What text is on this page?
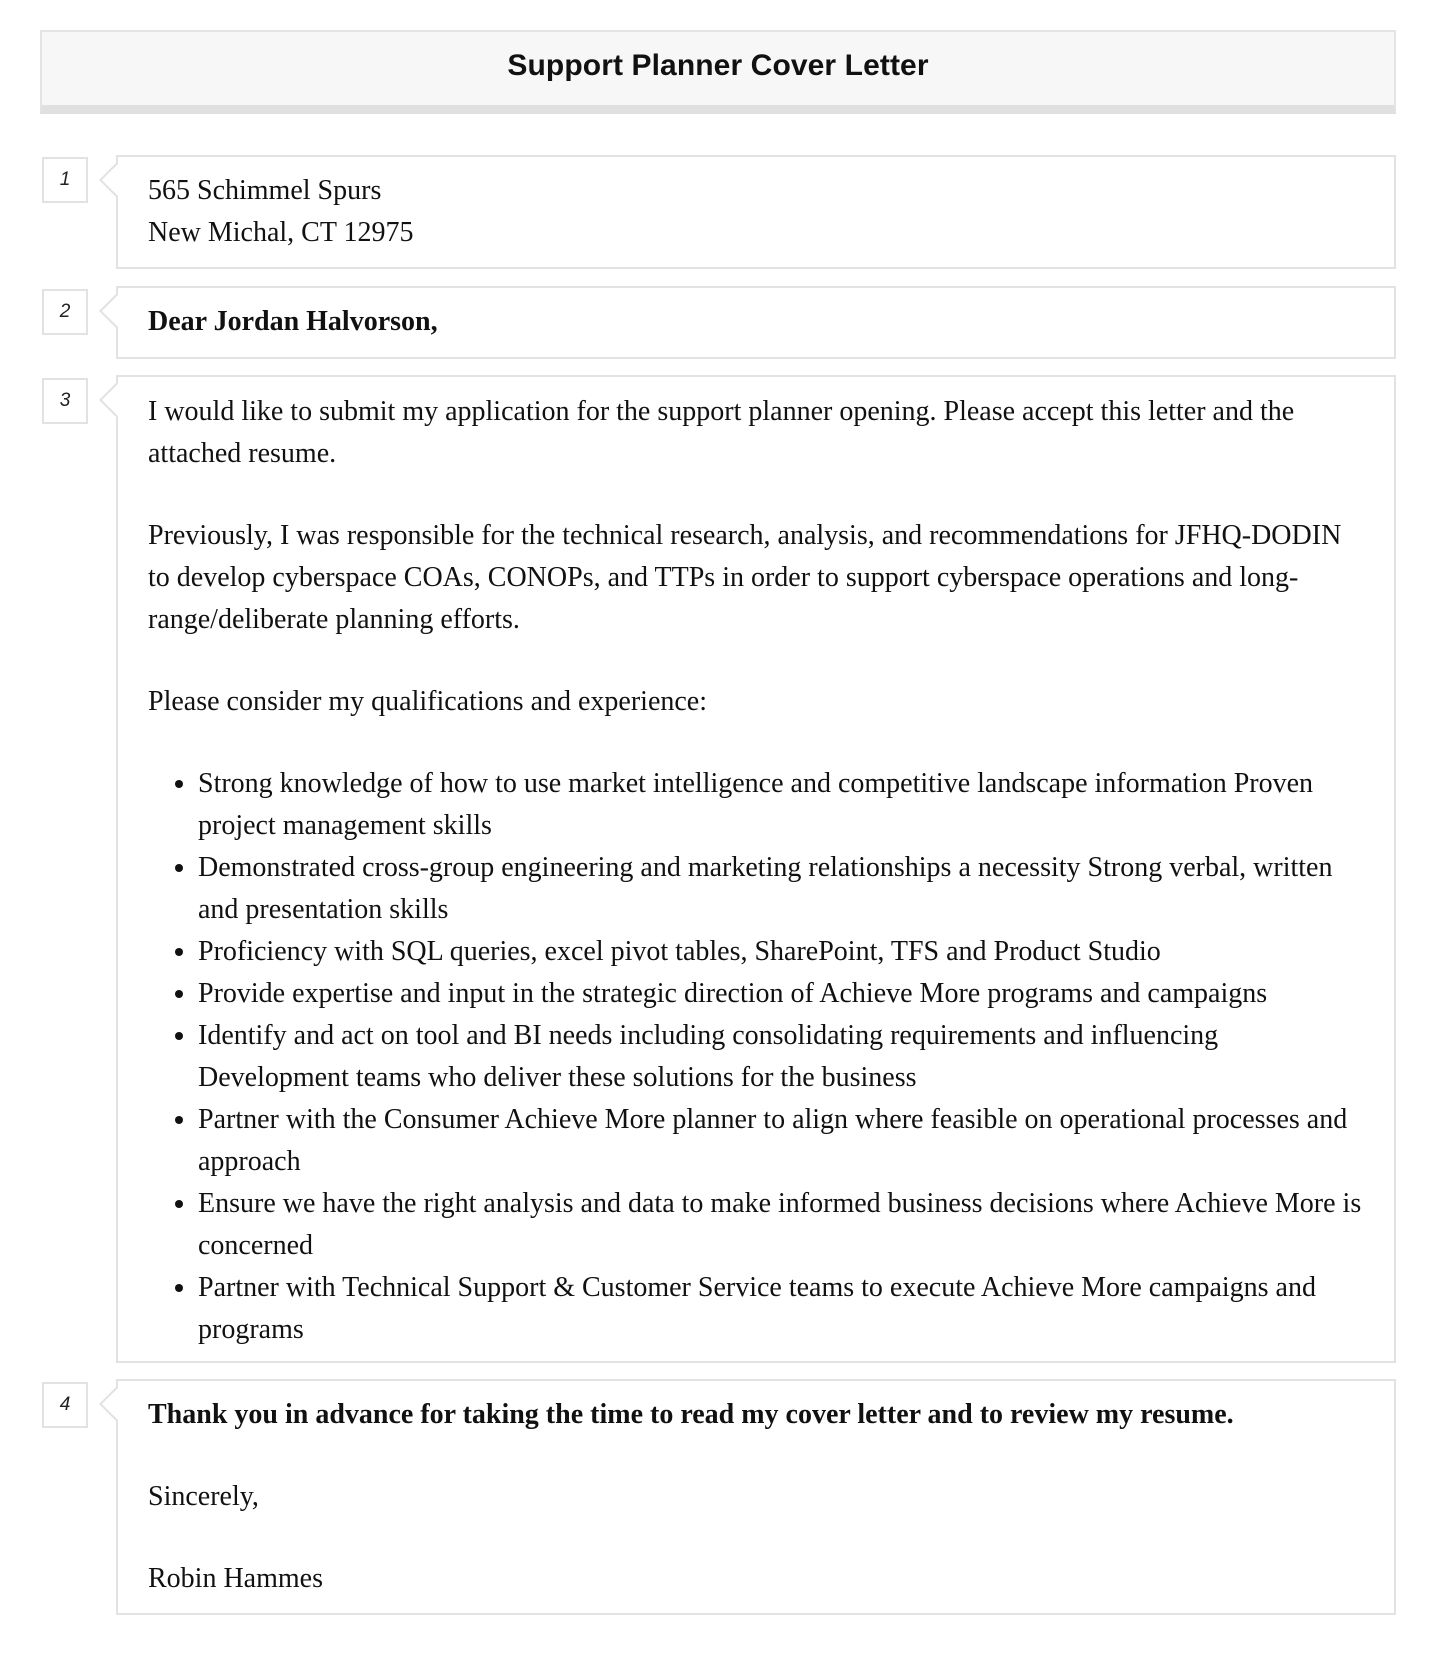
Support Planner Cover Letter
1	565 Schimmel Spurs
New Michal, CT 12975
2	Dear Jordan Halvorson,

3	I would like to submit my application for the support planner opening. Please accept this letter and the attached resume.

Previously, I was responsible for the technical research, analysis, and recommendations for JFHQ-DODIN to develop cyberspace COAs, CONOPs, and TTPs in order to support cyberspace operations and long-range/deliberate planning efforts.

Please consider my qualifications and experience:

• Strong knowledge of how to use market intelligence and competitive landscape information Proven project management skills
• Demonstrated cross-group engineering and marketing relationships a necessity Strong verbal, written and presentation skills
• Proficiency with SQL queries, excel pivot tables, SharePoint, TFS and Product Studio
• Provide expertise and input in the strategic direction of Achieve More programs and campaigns
• Identify and act on tool and BI needs including consolidating requirements and influencing Development teams who deliver these solutions for the business
• Partner with the Consumer Achieve More planner to align where feasible on operational processes and approach
• Ensure we have the right analysis and data to make informed business decisions where Achieve More is concerned
• Partner with Technical Support & Customer Service teams to execute Achieve More campaigns and programs
4	Thank you in advance for taking the time to read my cover letter and to review my resume.

Sincerely,

Robin Hammes
